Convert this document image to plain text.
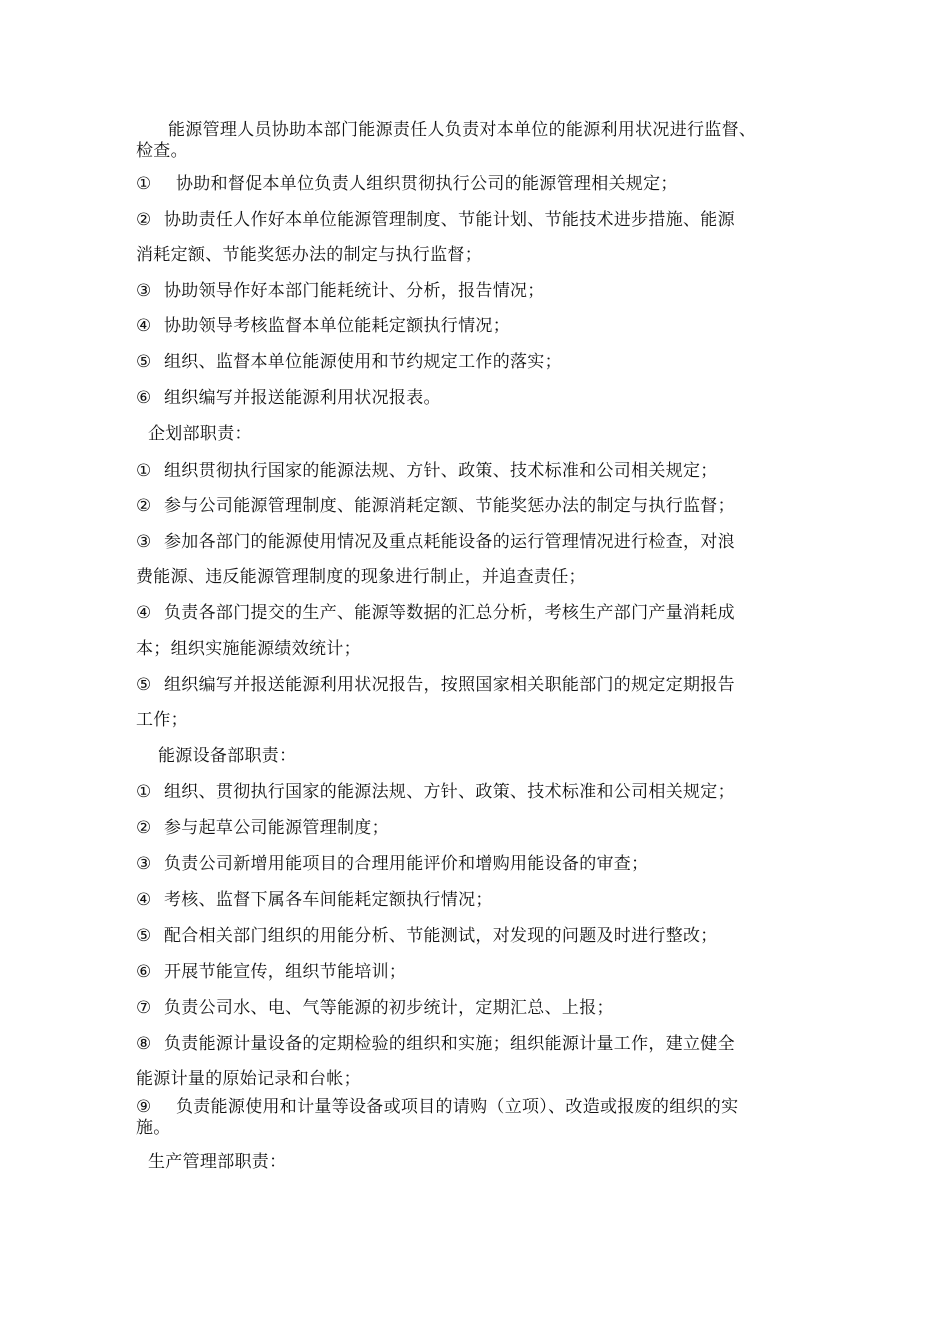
能源管理人员协助本部门能源责任人负责对本单位的能源利用状况进行监督、
检查。
① 协助和督促本单位负责人组织贯彻执行公司的能源管理相关规定；
② 协助责任人作好本单位能源管理制度、节能计划、节能技术进步措施、能源
消耗定额、节能奖惩办法的制定与执行监督；
③ 协助领导作好本部门能耗统计、分析，报告情况；
④ 协助领导考核监督本单位能耗定额执行情况；
⑤ 组织、监督本单位能源使用和节约规定工作的落实；
⑥ 组织编写并报送能源利用状况报表。
企划部职责：
① 组织贯彻执行国家的能源法规、方针、政策、技术标准和公司相关规定；
② 参与公司能源管理制度、能源消耗定额、节能奖惩办法的制定与执行监督；
③ 参加各部门的能源使用情况及重点耗能设备的运行管理情况进行检查，对浪
费能源、违反能源管理制度的现象进行制止，并追查责任；
④ 负责各部门提交的生产、能源等数据的汇总分析，考核生产部门产量消耗成
本；组织实施能源绩效统计；
⑤ 组织编写并报送能源利用状况报告，按照国家相关职能部门的规定定期报告
工作；
能源设备部职责：
① 组织、贯彻执行国家的能源法规、方针、政策、技术标准和公司相关规定；
② 参与起草公司能源管理制度；
③ 负责公司新增用能项目的合理用能评价和增购用能设备的审查；
④ 考核、监督下属各车间能耗定额执行情况；
⑤ 配合相关部门组织的用能分析、节能测试，对发现的问题及时进行整改；
⑥ 开展节能宣传，组织节能培训；
⑦ 负责公司水、电、气等能源的初步统计，定期汇总、上报；
⑧ 负责能源计量设备的定期检验的组织和实施；组织能源计量工作，建立健全
能源计量的原始记录和台帐；
⑨ 负责能源使用和计量等设备或项目的请购（立项）、改造或报废的组织的实
施。
生产管理部职责：
